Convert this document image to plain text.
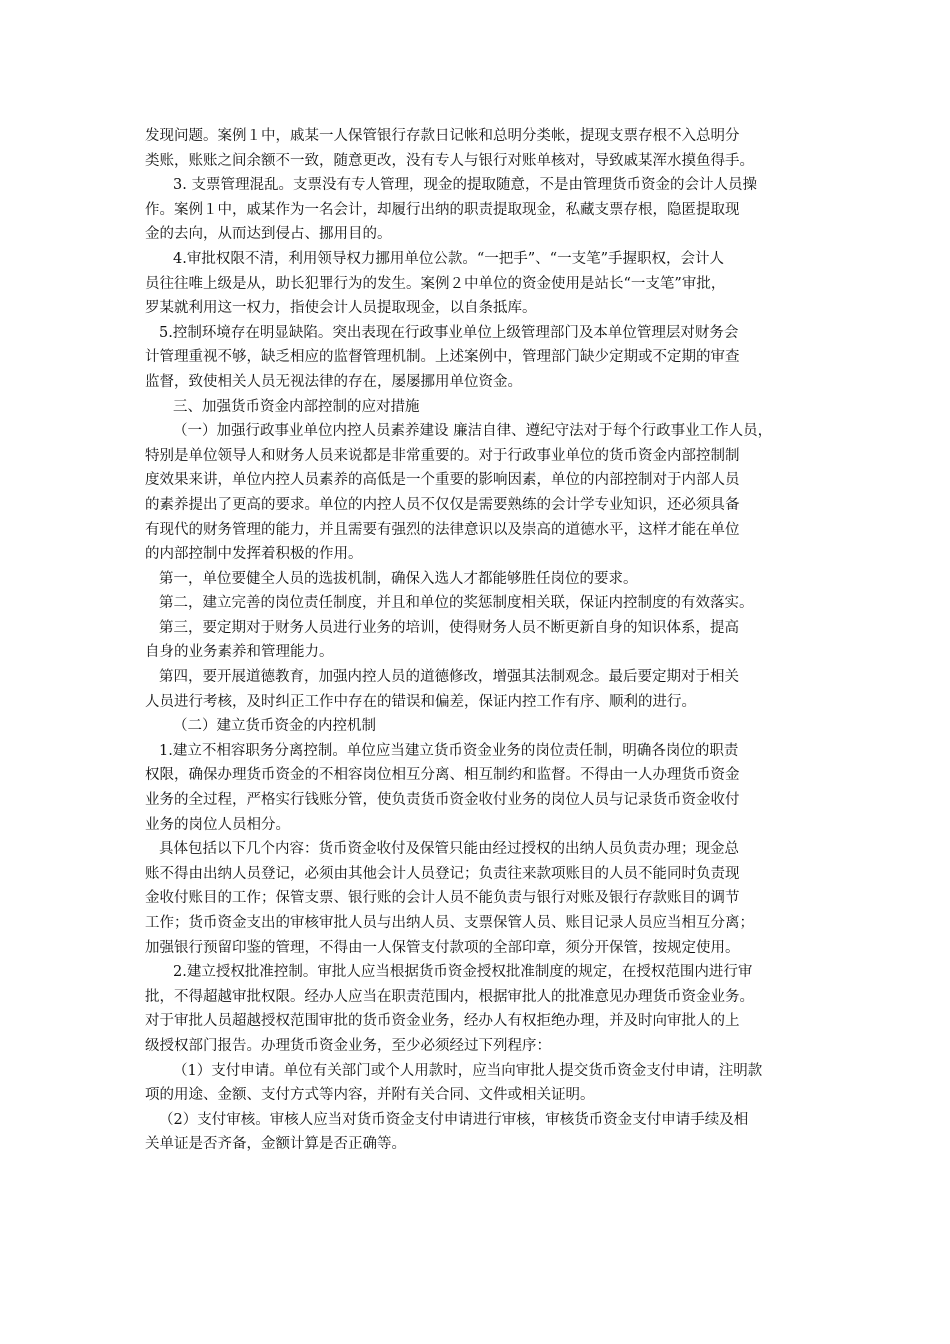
发现问题。案例１中，戚某一人保管银行存款日记帐和总明分类帐，提现支票存根不入总明分

类账，账账之间余额不一致，随意更改，没有专人与银行对账单核对，导致戚某浑水摸鱼得手。

3. 支票管理混乱。支票没有专人管理，现金的提取随意，不是由管理货币资金的会计人员操

作。案例１中，戚某作为一名会计，却履行出纳的职责提取现金，私藏支票存根，隐匿提取现

金的去向，从而达到侵占、挪用目的。

4.审批权限不清，利用领导权力挪用单位公款。“一把手”、“一支笔”手握职权，会计人

员往往唯上级是从，助长犯罪行为的发生。案例２中单位的资金使用是站长“一支笔”审批，

罗某就利用这一权力，指使会计人员提取现金，以自条抵库。

5.控制环境存在明显缺陷。突出表现在行政事业单位上级管理部门及本单位管理层对财务会

计管理重视不够，缺乏相应的监督管理机制。上述案例中，管理部门缺少定期或不定期的审查

监督，致使相关人员无视法律的存在，屡屡挪用单位资金。

三、加强货币资金内部控制的应对措施

（一）加强行政事业单位内控人员素养建设 廉洁自律、遵纪守法对于每个行政事业工作人员，

特别是单位领导人和财务人员来说都是非常重要的。对于行政事业单位的货币资金内部控制制

度效果来讲，单位内控人员素养的高低是一个重要的影响因素，单位的内部控制对于内部人员

的素养提出了更高的要求。单位的内控人员不仅仅是需要熟练的会计学专业知识，还必须具备

有现代的财务管理的能力，并且需要有强烈的法律意识以及崇高的道德水平，这样才能在单位

的内部控制中发挥着积极的作用。

第一，单位要健全人员的选拔机制，确保入选人才都能够胜任岗位的要求。

第二，建立完善的岗位责任制度，并且和单位的奖惩制度相关联，保证内控制度的有效落实。

第三，要定期对于财务人员进行业务的培训，使得财务人员不断更新自身的知识体系，提高

自身的业务素养和管理能力。

第四，要开展道德教育，加强内控人员的道德修改，增强其法制观念。最后要定期对于相关

人员进行考核，及时纠正工作中存在的错误和偏差，保证内控工作有序、顺利的进行。

（二）建立货币资金的内控机制

1.建立不相容职务分离控制。单位应当建立货币资金业务的岗位责任制，明确各岗位的职责

权限，确保办理货币资金的不相容岗位相互分离、相互制约和监督。不得由一人办理货币资金

业务的全过程，严格实行钱账分管，使负责货币资金收付业务的岗位人员与记录货币资金收付

业务的岗位人员相分。

具体包括以下几个内容：货币资金收付及保管只能由经过授权的出纳人员负责办理；现金总

账不得由出纳人员登记，必须由其他会计人员登记；负责往来款项账目的人员不能同时负责现

金收付账目的工作；保管支票、银行账的会计人员不能负责与银行对账及银行存款账目的调节

工作；货币资金支出的审核审批人员与出纳人员、支票保管人员、账目记录人员应当相互分离；

加强银行预留印鉴的管理，不得由一人保管支付款项的全部印章，须分开保管，按规定使用。

2.建立授权批准控制。审批人应当根据货币资金授权批准制度的规定，在授权范围内进行审

批，不得超越审批权限。经办人应当在职责范围内，根据审批人的批准意见办理货币资金业务。

对于审批人员超越授权范围审批的货币资金业务，经办人有权拒绝办理，并及时向审批人的上

级授权部门报告。办理货币资金业务，至少必须经过下列程序：

（1）支付申请。单位有关部门或个人用款时，应当向审批人提交货币资金支付申请，注明款

项的用途、金额、支付方式等内容，并附有关合同、文件或相关证明。

（2）支付审核。审核人应当对货币资金支付申请进行审核，审核货币资金支付申请手续及相

关单证是否齐备，金额计算是否正确等。
